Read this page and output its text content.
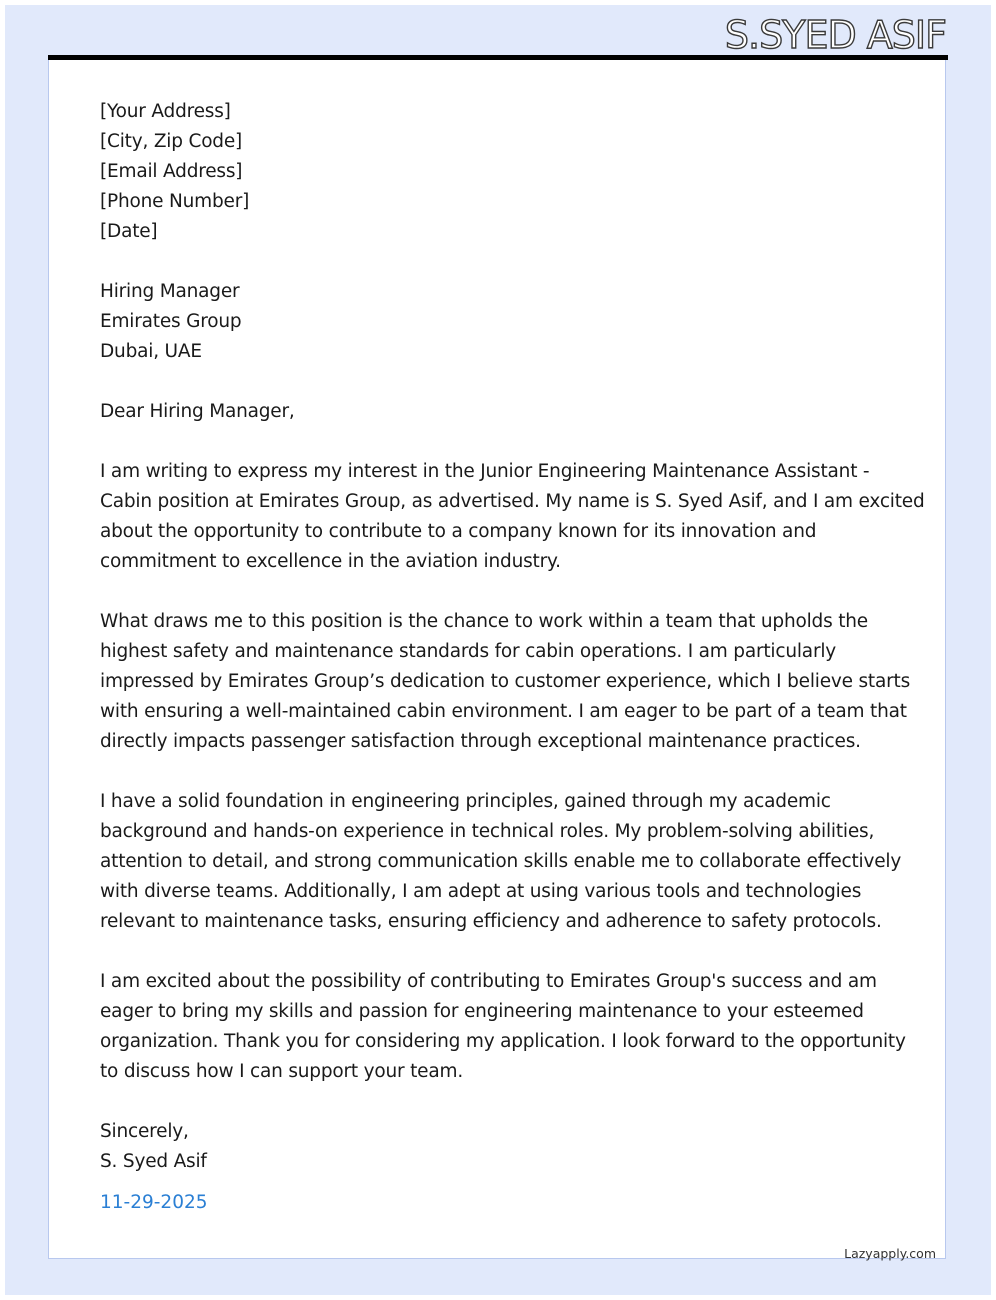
S.SYED ASIF
[Your Address]
[City, Zip Code]
[Email Address]
[Phone Number]
[Date]
Hiring Manager
Emirates Group
Dubai, UAE
Dear Hiring Manager,
I am writing to express my interest in the Junior Engineering Maintenance Assistant -
Cabin position at Emirates Group, as advertised. My name is S. Syed Asif, and I am excited
about the opportunity to contribute to a company known for its innovation and
commitment to excellence in the aviation industry.
What draws me to this position is the chance to work within a team that upholds the
highest safety and maintenance standards for cabin operations. I am particularly
impressed by Emirates Group’s dedication to customer experience, which I believe starts
with ensuring a well-maintained cabin environment. I am eager to be part of a team that
directly impacts passenger satisfaction through exceptional maintenance practices.
I have a solid foundation in engineering principles, gained through my academic
background and hands-on experience in technical roles. My problem-solving abilities,
attention to detail, and strong communication skills enable me to collaborate effectively
with diverse teams. Additionally, I am adept at using various tools and technologies
relevant to maintenance tasks, ensuring efficiency and adherence to safety protocols.
I am excited about the possibility of contributing to Emirates Group's success and am
eager to bring my skills and passion for engineering maintenance to your esteemed
organization. Thank you for considering my application. I look forward to the opportunity
to discuss how I can support your team.
Sincerely,
S. Syed Asif
11-29-2025
Lazyapply.com
